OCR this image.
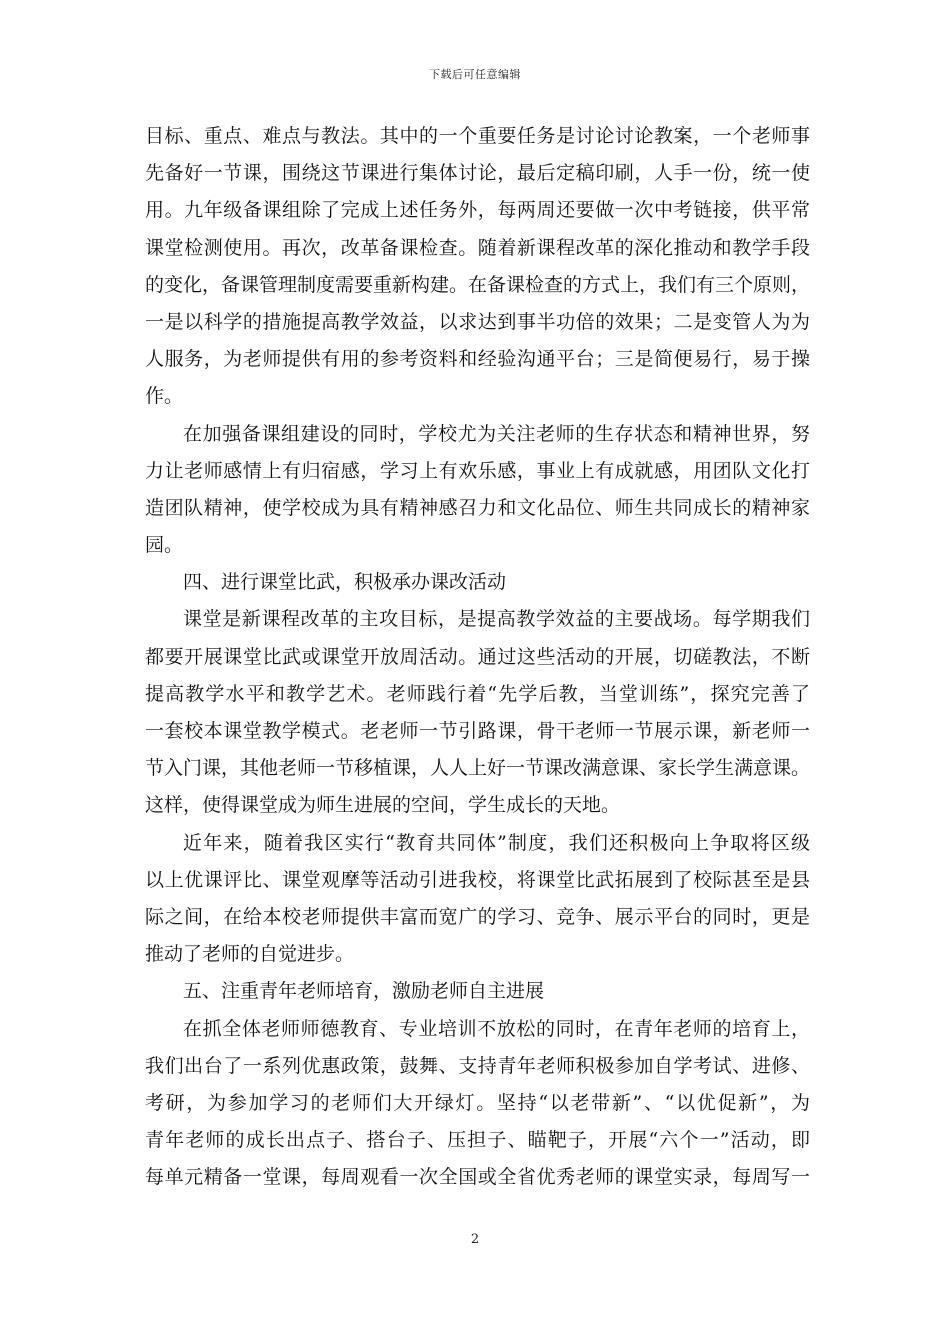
下载后可任意编辑
目标、重点、难点与教法。其中的一个重要任务是讨论讨论教案，一个老师事
先备好一节课，围绕这节课进行集体讨论，最后定稿印刷，人手一份，统一使
用。九年级备课组除了完成上述任务外，每两周还要做一次中考链接，供平常
课堂检测使用。再次，改革备课检查。随着新课程改革的深化推动和教学手段
的变化，备课管理制度需要重新构建。在备课检查的方式上，我们有三个原则，
一是以科学的措施提高教学效益，以求达到事半功倍的效果；二是变管人为为
人服务，为老师提供有用的参考资料和经验沟通平台；三是简便易行，易于操
作。
在加强备课组建设的同时，学校尤为关注老师的生存状态和精神世界，努
力让老师感情上有归宿感，学习上有欢乐感，事业上有成就感，用团队文化打
造团队精神，使学校成为具有精神感召力和文化品位、师生共同成长的精神家
园。
四、进行课堂比武，积极承办课改活动
课堂是新课程改革的主攻目标，是提高教学效益的主要战场。每学期我们
都要开展课堂比武或课堂开放周活动。通过这些活动的开展，切磋教法，不断
提高教学水平和教学艺术。老师践行着“先学后教，当堂训练”，探究完善了
一套校本课堂教学模式。老老师一节引路课，骨干老师一节展示课，新老师一
节入门课，其他老师一节移植课，人人上好一节课改满意课、家长学生满意课。
这样，使得课堂成为师生进展的空间，学生成长的天地。
近年来，随着我区实行“教育共同体”制度，我们还积极向上争取将区级
以上优课评比、课堂观摩等活动引进我校，将课堂比武拓展到了校际甚至是县
际之间，在给本校老师提供丰富而宽广的学习、竞争、展示平台的同时，更是
推动了老师的自觉进步。
五、注重青年老师培育，激励老师自主进展
在抓全体老师师德教育、专业培训不放松的同时，在青年老师的培育上，
我们出台了一系列优惠政策，鼓舞、支持青年老师积极参加自学考试、进修、
考研，为参加学习的老师们大开绿灯。坚持“以老带新”、“以优促新”，为
青年老师的成长出点子、搭台子、压担子、瞄靶子，开展“六个一”活动，即
每单元精备一堂课，每周观看一次全国或全省优秀老师的课堂实录，每周写一
2
